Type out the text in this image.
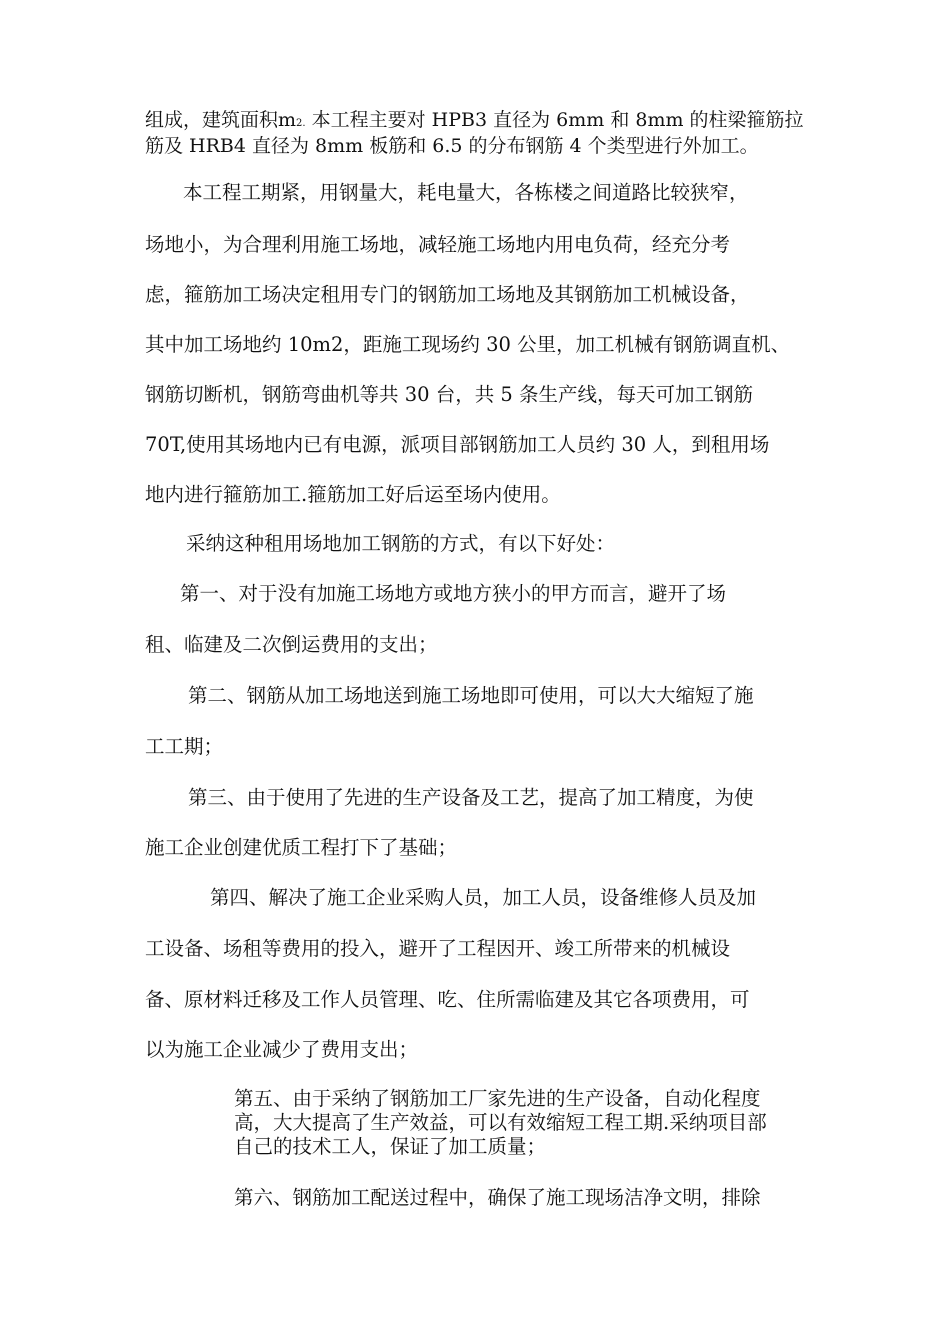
组成，建筑面积m2. 本工程主要对 HPB3 直径为 6mm 和 8mm 的柱梁箍筋拉
筋及 HRB4 直径为 8mm 板筋和 6.5 的分布钢筋 4 个类型进行外加工。
本工程工期紧，用钢量大，耗电量大，各栋楼之间道路比较狭窄，
场地小，为合理利用施工场地，减轻施工场地内用电负荷，经充分考
虑，箍筋加工场决定租用专门的钢筋加工场地及其钢筋加工机械设备，
其中加工场地约 10m2，距施工现场约 30 公里，加工机械有钢筋调直机、
钢筋切断机，钢筋弯曲机等共 30 台，共 5 条生产线，每天可加工钢筋
70T,使用其场地内已有电源，派项目部钢筋加工人员约 30 人，到租用场
地内进行箍筋加工.箍筋加工好后运至场内使用。
采纳这种租用场地加工钢筋的方式，有以下好处：
第一、对于没有加施工场地方或地方狭小的甲方而言，避开了场
租、临建及二次倒运费用的支出；
第二、钢筋从加工场地送到施工场地即可使用，可以大大缩短了施
工工期；
第三、由于使用了先进的生产设备及工艺，提高了加工精度，为使
施工企业创建优质工程打下了基础；
第四、解决了施工企业采购人员，加工人员，设备维修人员及加
工设备、场租等费用的投入，避开了工程因开、竣工所带来的机械设
备、原材料迁移及工作人员管理、吃、住所需临建及其它各项费用，可
以为施工企业减少了费用支出；
第五、由于采纳了钢筋加工厂家先进的生产设备，自动化程度
高，大大提高了生产效益，可以有效缩短工程工期.采纳项目部
自己的技术工人，保证了加工质量；
第六、钢筋加工配送过程中，确保了施工现场洁净文明，排除
